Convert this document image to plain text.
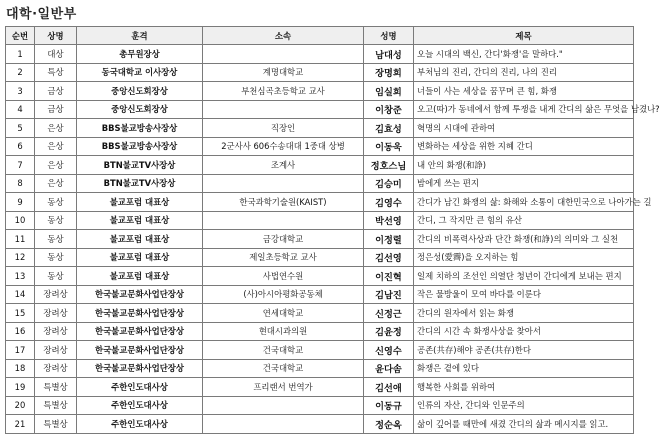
대학·일반부
순번	상명	훈격	소속	성명	제목
1	대상	총무원장상		남대성	오늘 시대의 백신, 간디'화쟁'을 말하다."
2	특상	동국대학교 이사장상	계명대학교	장명희	부처님의 진리, 간디의 진리, 나의 진리
3	금상	중앙신도회장상	부천심곡초등학교 교사	임실희	너들이 사는 세상을 꿈꾸며 큰 힘, 화쟁
4	금상	중앙신도회장상		이창준	오고(따)가 동네에서 함께 투쟁을 내게 간디의 삶은 무엇을 남겼나?
5	은상	BBS불교방송사장상	직장인	김효성	혁명의 시대에 관하여
6	은상	BBS불교방송사장상	2군사사 606수송대대 1중대 상병	이동욱	변화하는 세상을 위한 지혜 간디
7	은상	BTN불교TV사장상	조계사	정호스님	내 안의 화쟁(和諍)
8	은상	BTN불교TV사장상		김승미	밤에게 쓰는 편지
9	동상	불교포럼 대표상	한국과학기술원(KAIST)	김영수	간디가 남긴 화쟁의 삶: 화해와 소통이 대한민국으로 나아가는 길
10	동상	불교포럼 대표상		박선영	간디, 그 작지만 큰 힘의 유산
11	동상	불교포럼 대표상	금강대학교	이정렬	간디의 비폭력사상과 단간 화쟁(和諍)의 의미와 그 실천
12	동상	불교포럼 대표상	제일초등학교 교사	김선영	정은성(愛霽)을 오지하는 힘
13	동상	불교포럼 대표상	사법연수원	이진혁	일제 치하의 조선인 의열단 청년이 간디에게 보내는 편지
14	장려상	한국불교문화사업단장상	(사)아시아평화공동체	김남진	작은 물방울이 모여 바다를 이룬다
15	장려상	한국불교문화사업단장상	연세대학교	신정근	간디의 원자에서 읽는 화쟁
16	장려상	한국불교문화사업단장상	현대시과의원	김윤정	간디의 시간 속 화쟁사상을 찾아서
17	장려상	한국불교문화사업단장상	건국대학교	신영수	공존(共存)해야 공존(共存)한다
18	장려상	한국불교문화사업단장상	건국대학교	윤다솜	화쟁은 곁에 있다
19	특별상	주한인도대사상	프리랜서 번역가	김선애	행복한 사회를 위하여
20	특별상	주한인도대사상		이동규	인류의 자산, 간디와 인문주의
21	특별상	주한인도대사상		정순옥	삶이 깊어를 때만에 새겼 간디의 삶과 메시지를 읽고.
